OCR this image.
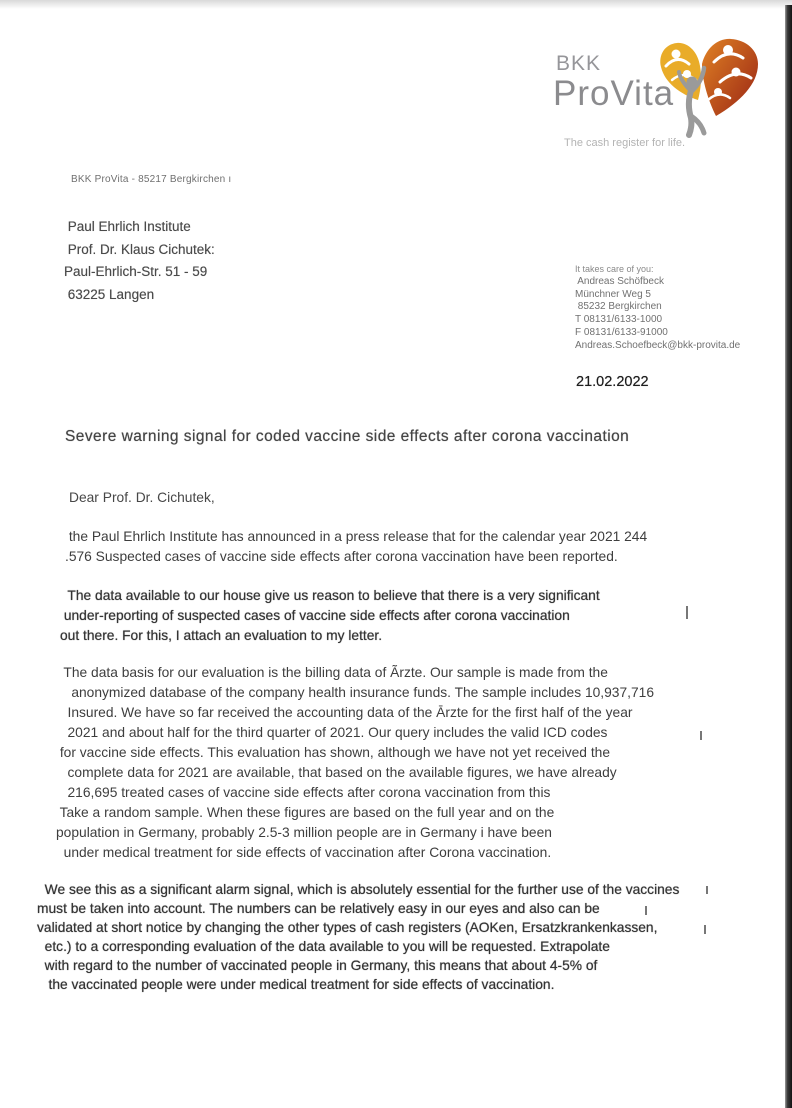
BKK
ProVita
The cash register for life.
BKK ProVita - 85217 Bergkirchen ı
Paul Ehrlich Institute
Prof. Dr. Klaus Cichutek:
Paul-Ehrlich-Str. 51 - 59
63225 Langen
It takes care of you:
Andreas Schöfbeck
Münchner Weg 5
85232 Bergkirchen
T 08131/6133-1000
F 08131/6133-91000
Andreas.Schoefbeck@bkk-provita.de
21.02.2022
Severe warning signal for coded vaccine side effects after corona vaccination
Dear Prof. Dr. Cichutek,
the Paul Ehrlich Institute has announced in a press release that for the calendar year 2021 244
.576 Suspected cases of vaccine side effects after corona vaccination have been reported.
The data available to our house give us reason to believe that there is a very significant
under-reporting of suspected cases of vaccine side effects after corona vaccination
out there. For this, I attach an evaluation to my letter.
The data basis for our evaluation is the billing data of Ãrzte. Our sample is made from the
anonymized database of the company health insurance funds. The sample includes 10,937,716
Insured. We have so far received the accounting data of the Ārzte for the first half of the year
2021 and about half for the third quarter of 2021. Our query includes the valid ICD codes
for vaccine side effects. This evaluation has shown, although we have not yet received the
complete data for 2021 are available, that based on the available figures, we have already
216,695 treated cases of vaccine side effects after corona vaccination from this
Take a random sample. When these figures are based on the full year and on the
population in Germany, probably 2.5-3 million people are in Germany i have been
under medical treatment for side effects of vaccination after Corona vaccination.
We see this as a significant alarm signal, which is absolutely essential for the further use of the vaccines
must be taken into account. The numbers can be relatively easy in our eyes and also can be
validated at short notice by changing the other types of cash registers (AOKen, Ersatzkrankenkassen,
etc.) to a corresponding evaluation of the data available to you will be requested. Extrapolate
with regard to the number of vaccinated people in Germany, this means that about 4-5% of
the vaccinated people were under medical treatment for side effects of vaccination.
